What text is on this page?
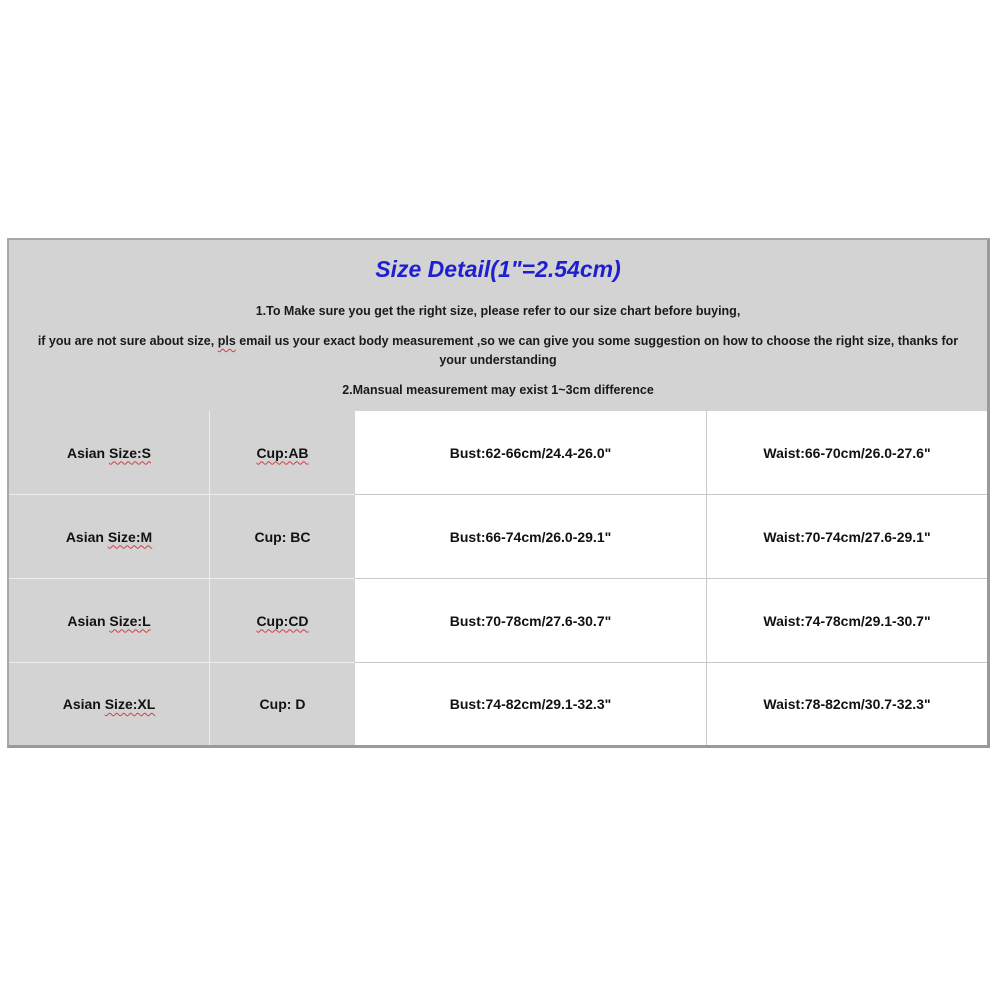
Size Detail(1"=2.54cm)
1.To Make sure you get the right size, please refer to our size chart before buying,
if you are not sure about size, pls email us your exact body measurement ,so we can give you some suggestion on how to choose the right size, thanks for your understanding
2.Mansual measurement may exist 1~3cm difference
Asian Size:S	Cup:AB	Bust:62-66cm/24.4-26.0"	Waist:66-70cm/26.0-27.6"
Asian Size:M	Cup: BC	Bust:66-74cm/26.0-29.1"	Waist:70-74cm/27.6-29.1"
Asian Size:L	Cup:CD	Bust:70-78cm/27.6-30.7"	Waist:74-78cm/29.1-30.7"
Asian Size:XL	Cup: D	Bust:74-82cm/29.1-32.3"	Waist:78-82cm/30.7-32.3"
